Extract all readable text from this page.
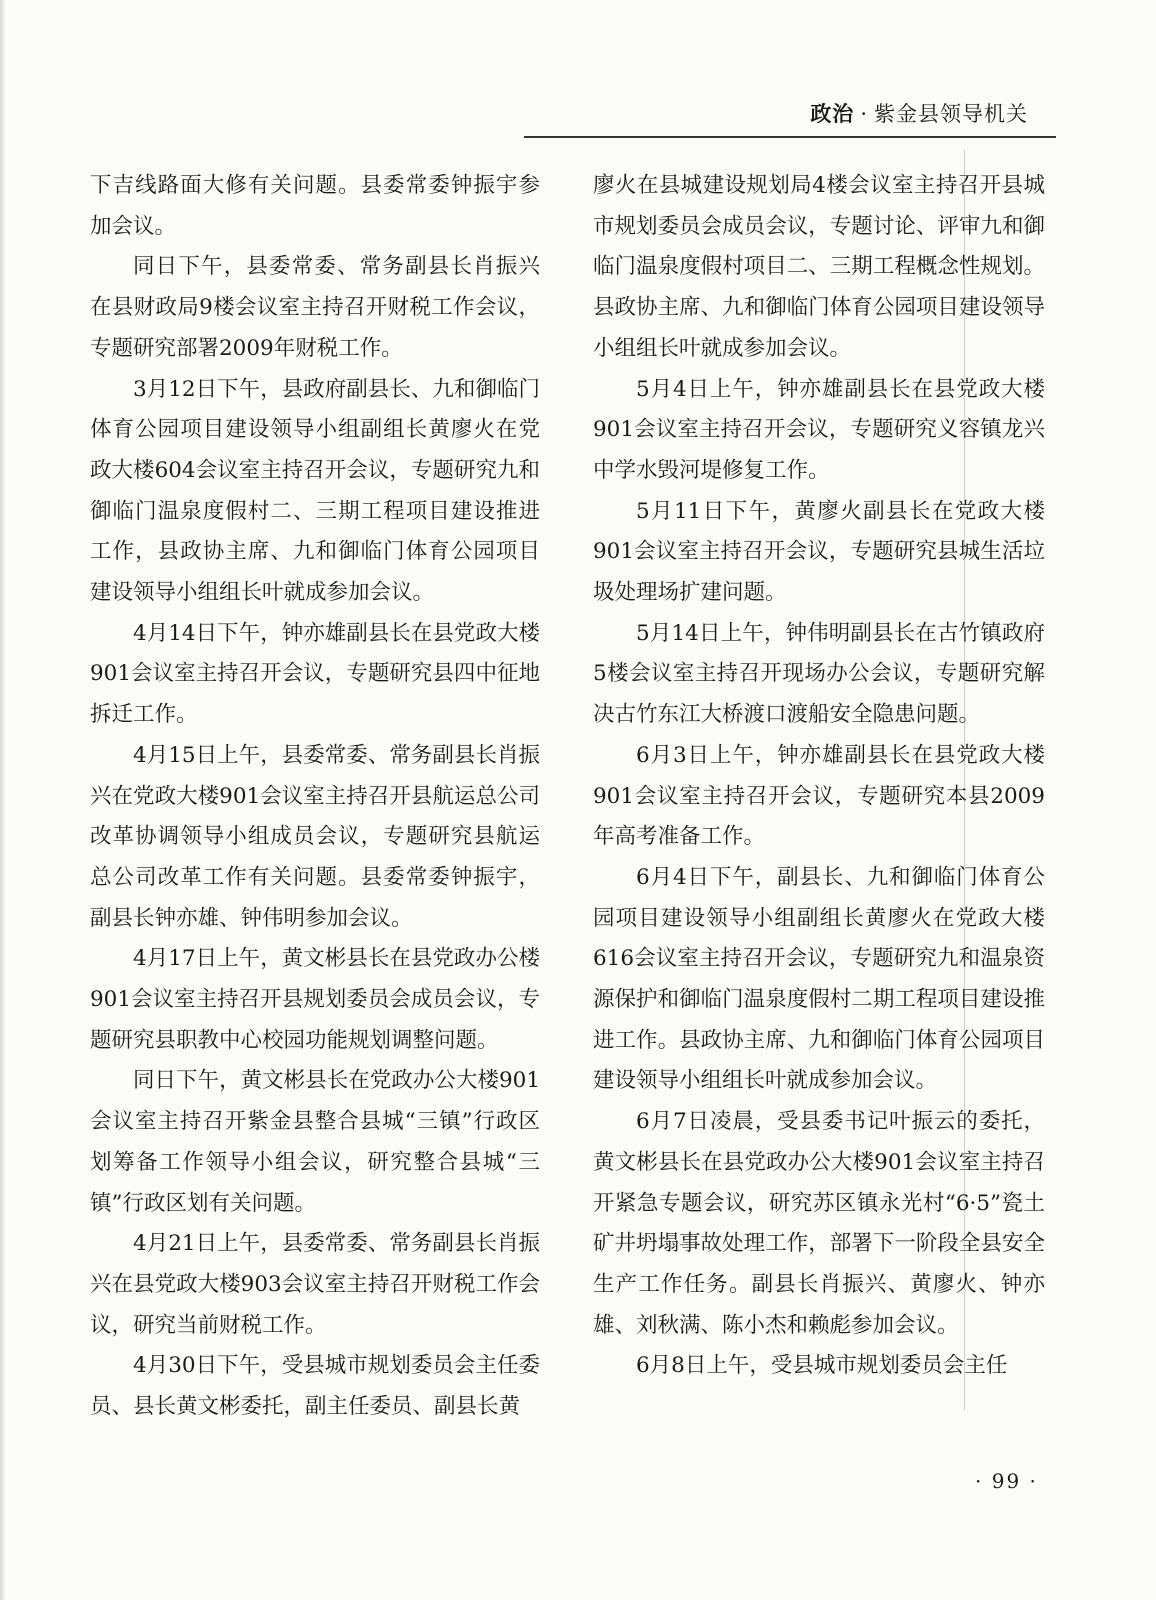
政治 · 紫金县领导机关

下吉线路面大修有关问题。县委常委钟振宇参加会议。

同日下午，县委常委、常务副县长肖振兴在县财政局9楼会议室主持召开财税工作会议，专题研究部署2009年财税工作。

3月12日下午，县政府副县长、九和御临门体育公园项目建设领导小组副组长黄廖火在党政大楼604会议室主持召开会议，专题研究九和御临门温泉度假村二、三期工程项目建设推进工作，县政协主席、九和御临门体育公园项目建设领导小组组长叶就成参加会议。

4月14日下午，钟亦雄副县长在县党政大楼901会议室主持召开会议，专题研究县四中征地拆迁工作。

4月15日上午，县委常委、常务副县长肖振兴在党政大楼901会议室主持召开县航运总公司改革协调领导小组成员会议，专题研究县航运总公司改革工作有关问题。县委常委钟振宇，副县长钟亦雄、钟伟明参加会议。

4月17日上午，黄文彬县长在县党政办公楼901会议室主持召开县规划委员会成员会议，专题研究县职教中心校园功能规划调整问题。

同日下午，黄文彬县长在党政办公大楼901会议室主持召开紫金县整合县城“三镇”行政区划筹备工作领导小组会议，研究整合县城“三镇”行政区划有关问题。

4月21日上午，县委常委、常务副县长肖振兴在县党政大楼903会议室主持召开财税工作会议，研究当前财税工作。

4月30日下午，受县城市规划委员会主任委员、县长黄文彬委托，副主任委员、副县长黄

廖火在县城建设规划局4楼会议室主持召开县城市规划委员会成员会议，专题讨论、评审九和御临门温泉度假村项目二、三期工程概念性规划。县政协主席、九和御临门体育公园项目建设领导小组组长叶就成参加会议。

5月4日上午，钟亦雄副县长在县党政大楼901会议室主持召开会议，专题研究义容镇龙兴中学水毁河堤修复工作。

5月11日下午，黄廖火副县长在党政大楼901会议室主持召开会议，专题研究县城生活垃圾处理场扩建问题。

5月14日上午，钟伟明副县长在古竹镇政府5楼会议室主持召开现场办公会议，专题研究解决古竹东江大桥渡口渡船安全隐患问题。

6月3日上午，钟亦雄副县长在县党政大楼901会议室主持召开会议，专题研究本县2009年高考准备工作。

6月4日下午，副县长、九和御临门体育公园项目建设领导小组副组长黄廖火在党政大楼616会议室主持召开会议，专题研究九和温泉资源保护和御临门温泉度假村二期工程项目建设推进工作。县政协主席、九和御临门体育公园项目建设领导小组组长叶就成参加会议。

6月7日凌晨，受县委书记叶振云的委托，黄文彬县长在县党政办公大楼901会议室主持召开紧急专题会议，研究苏区镇永光村“6·5”瓷土矿井坍塌事故处理工作，部署下一阶段全县安全生产工作任务。副县长肖振兴、黄廖火、钟亦雄、刘秋满、陈小杰和赖彪参加会议。

6月8日上午，受县城市规划委员会主任

· 99 ·
